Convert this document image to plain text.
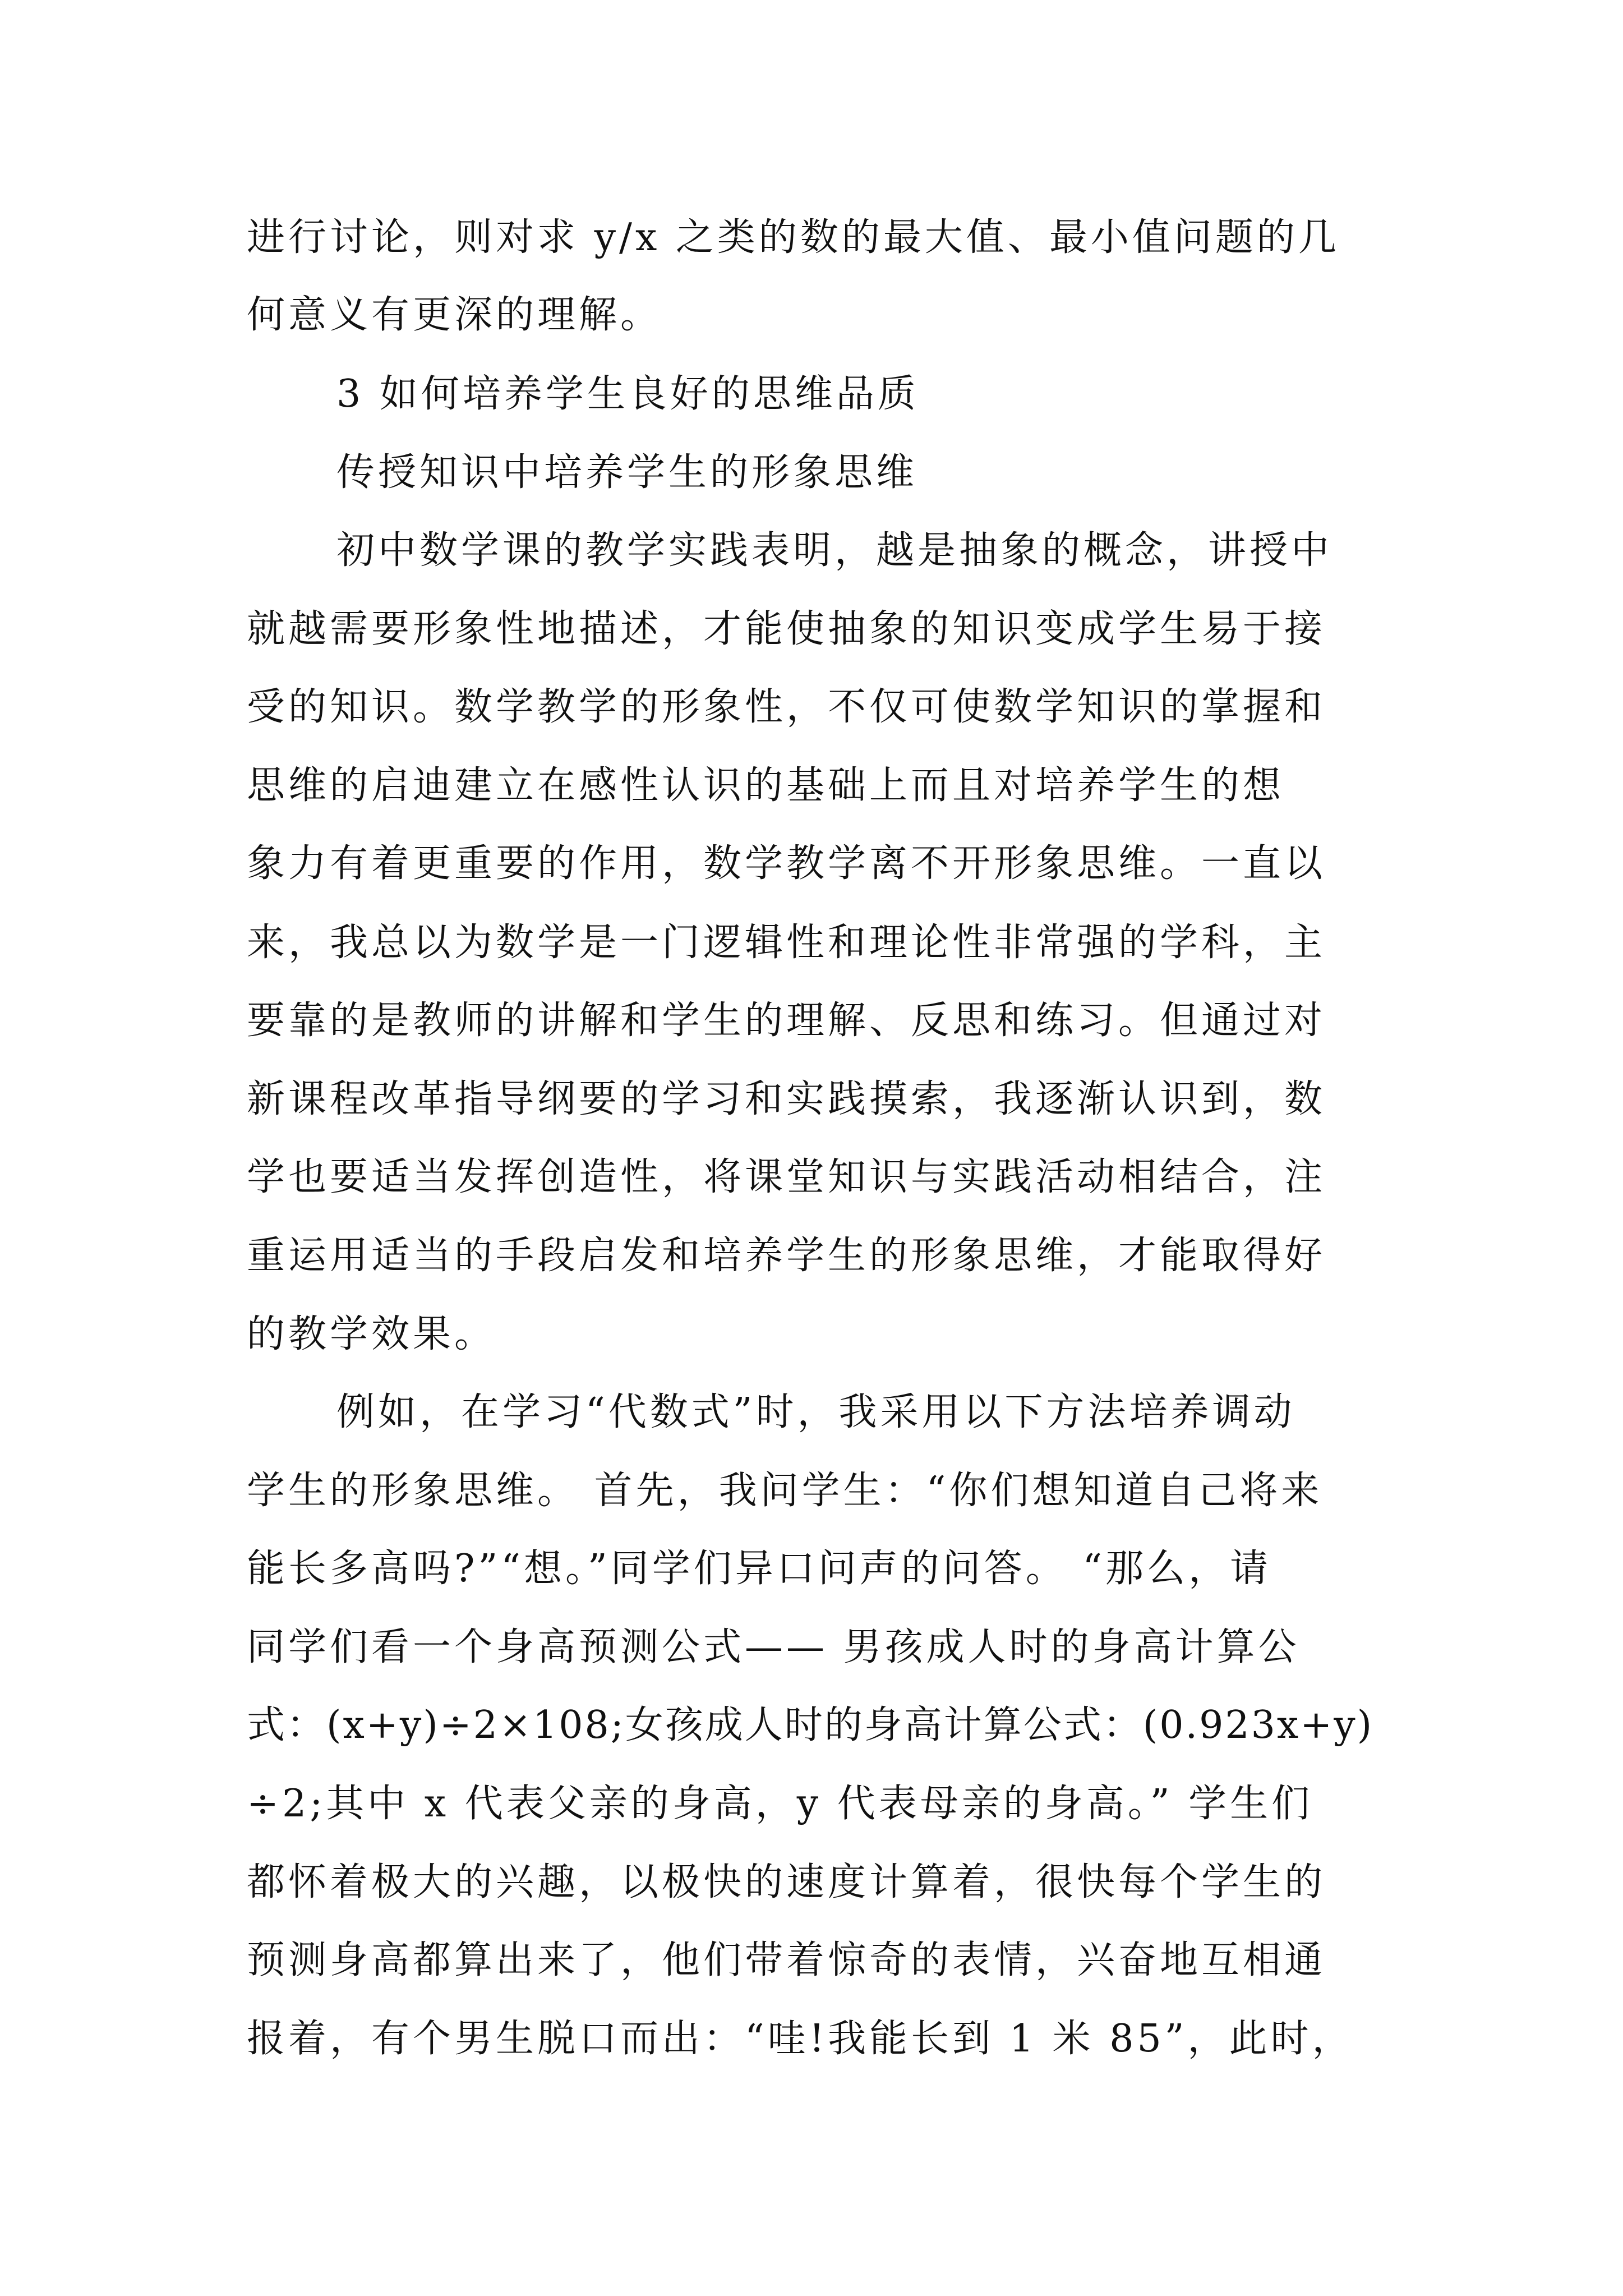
进行讨论，则对求 y/x 之类的数的最大值、最小值问题的几
何意义有更深的理解。
3 如何培养学生良好的思维品质
传授知识中培养学生的形象思维
初中数学课的教学实践表明，越是抽象的概念，讲授中
就越需要形象性地描述，才能使抽象的知识变成学生易于接
受的知识。数学教学的形象性，不仅可使数学知识的掌握和
思维的启迪建立在感性认识的基础上而且对培养学生的想
象力有着更重要的作用，数学教学离不开形象思维。一直以
来，我总以为数学是一门逻辑性和理论性非常强的学科，主
要靠的是教师的讲解和学生的理解、反思和练习。但通过对
新课程改革指导纲要的学习和实践摸索，我逐渐认识到，数
学也要适当发挥创造性，将课堂知识与实践活动相结合，注
重运用适当的手段启发和培养学生的形象思维，才能取得好
的教学效果。
例如，在学习“代数式”时，我采用以下方法培养调动
学生的形象思维。 首先，我问学生：“你们想知道自己将来
能长多高吗?”“想。”同学们异口问声的问答。 “那么，请
同学们看一个身高预测公式—— 男孩成人时的身高计算公
式：(x+y)÷2×108;女孩成人时的身高计算公式：(0.923x+y)
÷2;其中 x 代表父亲的身高，y 代表母亲的身高。” 学生们
都怀着极大的兴趣，以极快的速度计算着，很快每个学生的
预测身高都算出来了，他们带着惊奇的表情，兴奋地互相通
报着，有个男生脱口而出：“哇!我能长到 1 米 85”，此时，
